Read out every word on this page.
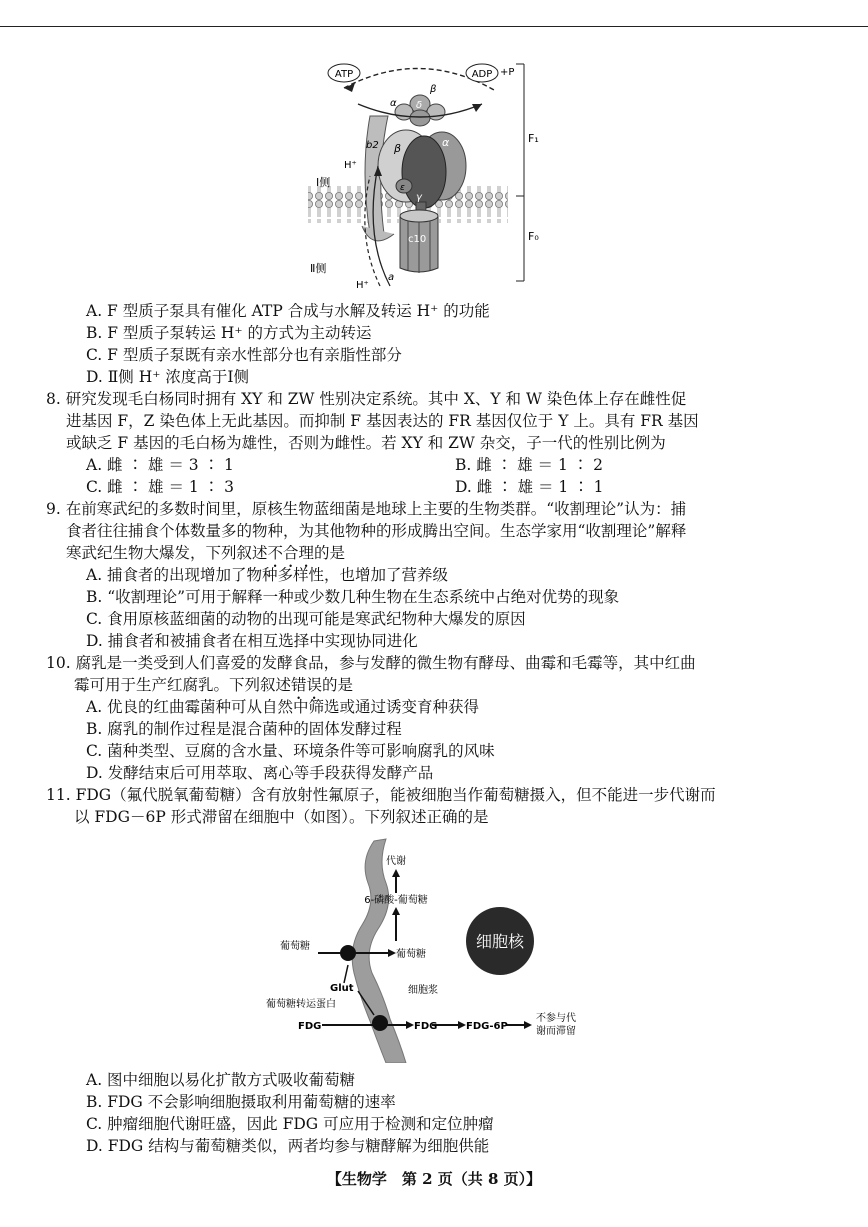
ATP	ADP +P
β
δ
α
b2 β	α
ε
γ
c10
a
H⁺
Ⅰ侧
Ⅱ侧
H⁺
F₁
F₀
A. F 型质子泵具有催化 ATP 合成与水解及转运 H⁺ 的功能
B. F 型质子泵转运 H⁺ 的方式为主动转运
C. F 型质子泵既有亲水性部分也有亲脂性部分
D. Ⅱ侧 H⁺ 浓度高于Ⅰ侧
8. 研究发现毛白杨同时拥有 XY 和 ZW 性别决定系统。其中 X、Y 和 W 染色体上存在雌性促
进基因 F，Z 染色体上无此基因。而抑制 F 基因表达的 FR 基因仅位于 Y 上。具有 FR 基因
或缺乏 F 基因的毛白杨为雄性，否则为雌性。若 XY 和 ZW 杂交，子一代的性别比例为
A. 雌 ∶ 雄 ＝ 3 ∶ 1	B. 雌 ∶ 雄 ＝ 1 ∶ 2
C. 雌 ∶ 雄 ＝ 1 ∶ 3	D. 雌 ∶ 雄 ＝ 1 ∶ 1
9. 在前寒武纪的多数时间里，原核生物蓝细菌是地球上主要的生物类群。“收割理论”认为：捕
食者往往捕食个体数量多的物种，为其他物种的形成腾出空间。生态学家用“收割理论”解释
寒武纪生物大爆发，下列叙述不合理的是
A. 捕食者的出现增加了物种多样性，也增加了营养级
B. “收割理论”可用于解释一种或少数几种生物在生态系统中占绝对优势的现象
C. 食用原核蓝细菌的动物的出现可能是寒武纪物种大爆发的原因
D. 捕食者和被捕食者在相互选择中实现协同进化
10. 腐乳是一类受到人们喜爱的发酵食品，参与发酵的微生物有酵母、曲霉和毛霉等，其中红曲
霉可用于生产红腐乳。下列叙述错误的是
A. 优良的红曲霉菌种可从自然中筛选或通过诱变育种获得
B. 腐乳的制作过程是混合菌种的固体发酵过程
C. 菌种类型、豆腐的含水量、环境条件等可影响腐乳的风味
D. 发酵结束后可用萃取、离心等手段获得发酵产品
11. FDG（氟代脱氧葡萄糖）含有放射性氟原子，能被细胞当作葡萄糖摄入，但不能进一步代谢而
以 FDG－6P 形式滞留在细胞中（如图）。下列叙述正确的是
细胞核
代谢
6-磷酸-葡萄糖
葡萄糖
葡萄糖
Glut
葡萄糖转运蛋白
细胞浆
FDG	FDG	FDG-6P
不参与代
谢而滞留
A. 图中细胞以易化扩散方式吸收葡萄糖
B. FDG 不会影响细胞摄取利用葡萄糖的速率
C. 肿瘤细胞代谢旺盛，因此 FDG 可应用于检测和定位肿瘤
D. FDG 结构与葡萄糖类似，两者均参与糖酵解为细胞供能
【生物学　第 2 页（共 8 页）】
